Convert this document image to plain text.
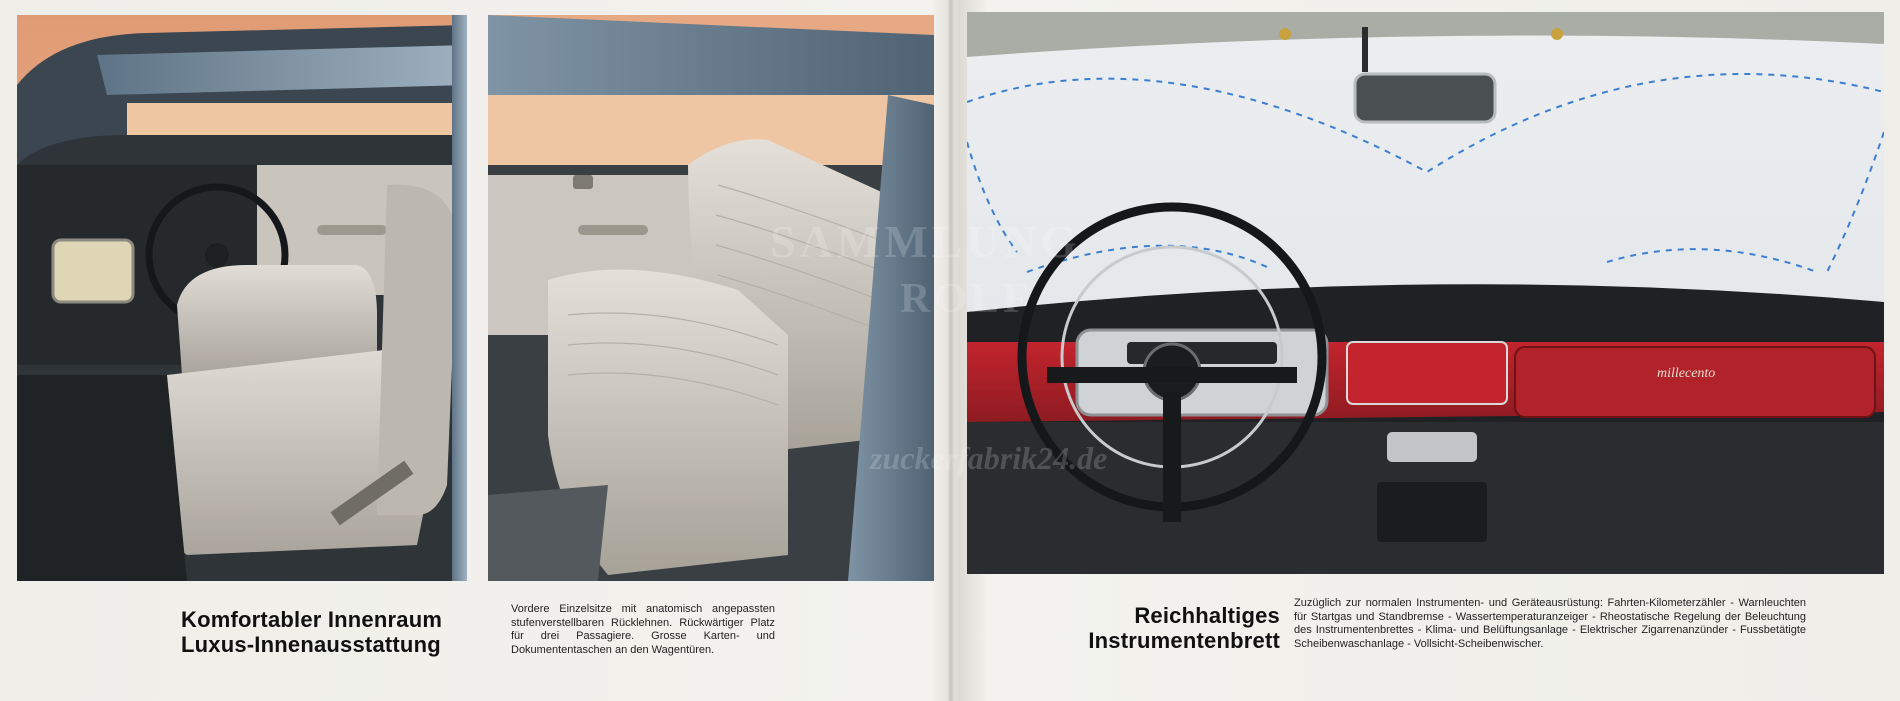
millecento
ROLF
Komfortabler Innenraum
Luxus-Innenausstattung
Vordere Einzelsitze mit anatomisch angepassten stufenverstellbaren Rücklehnen. Rückwärtiger Platz für drei Passagiere. Grosse Karten- und Dokumententaschen an den Wagentüren.
Reichhaltiges
Instrumentenbrett
Zuzüglich zur normalen Instrumenten- und Geräteausrüstung: Fahrten-Kilometerzähler - Warnleuchten für Startgas und Standbremse - Wassertemperaturanzeiger - Rheostatische Regelung der Beleuchtung des Instrumentenbrettes - Klima- und Belüftungsanlage - Elektrischer Zigarrenanzünder - Fussbetätigte Scheibenwaschanlage - Vollsicht-Scheibenwischer.
